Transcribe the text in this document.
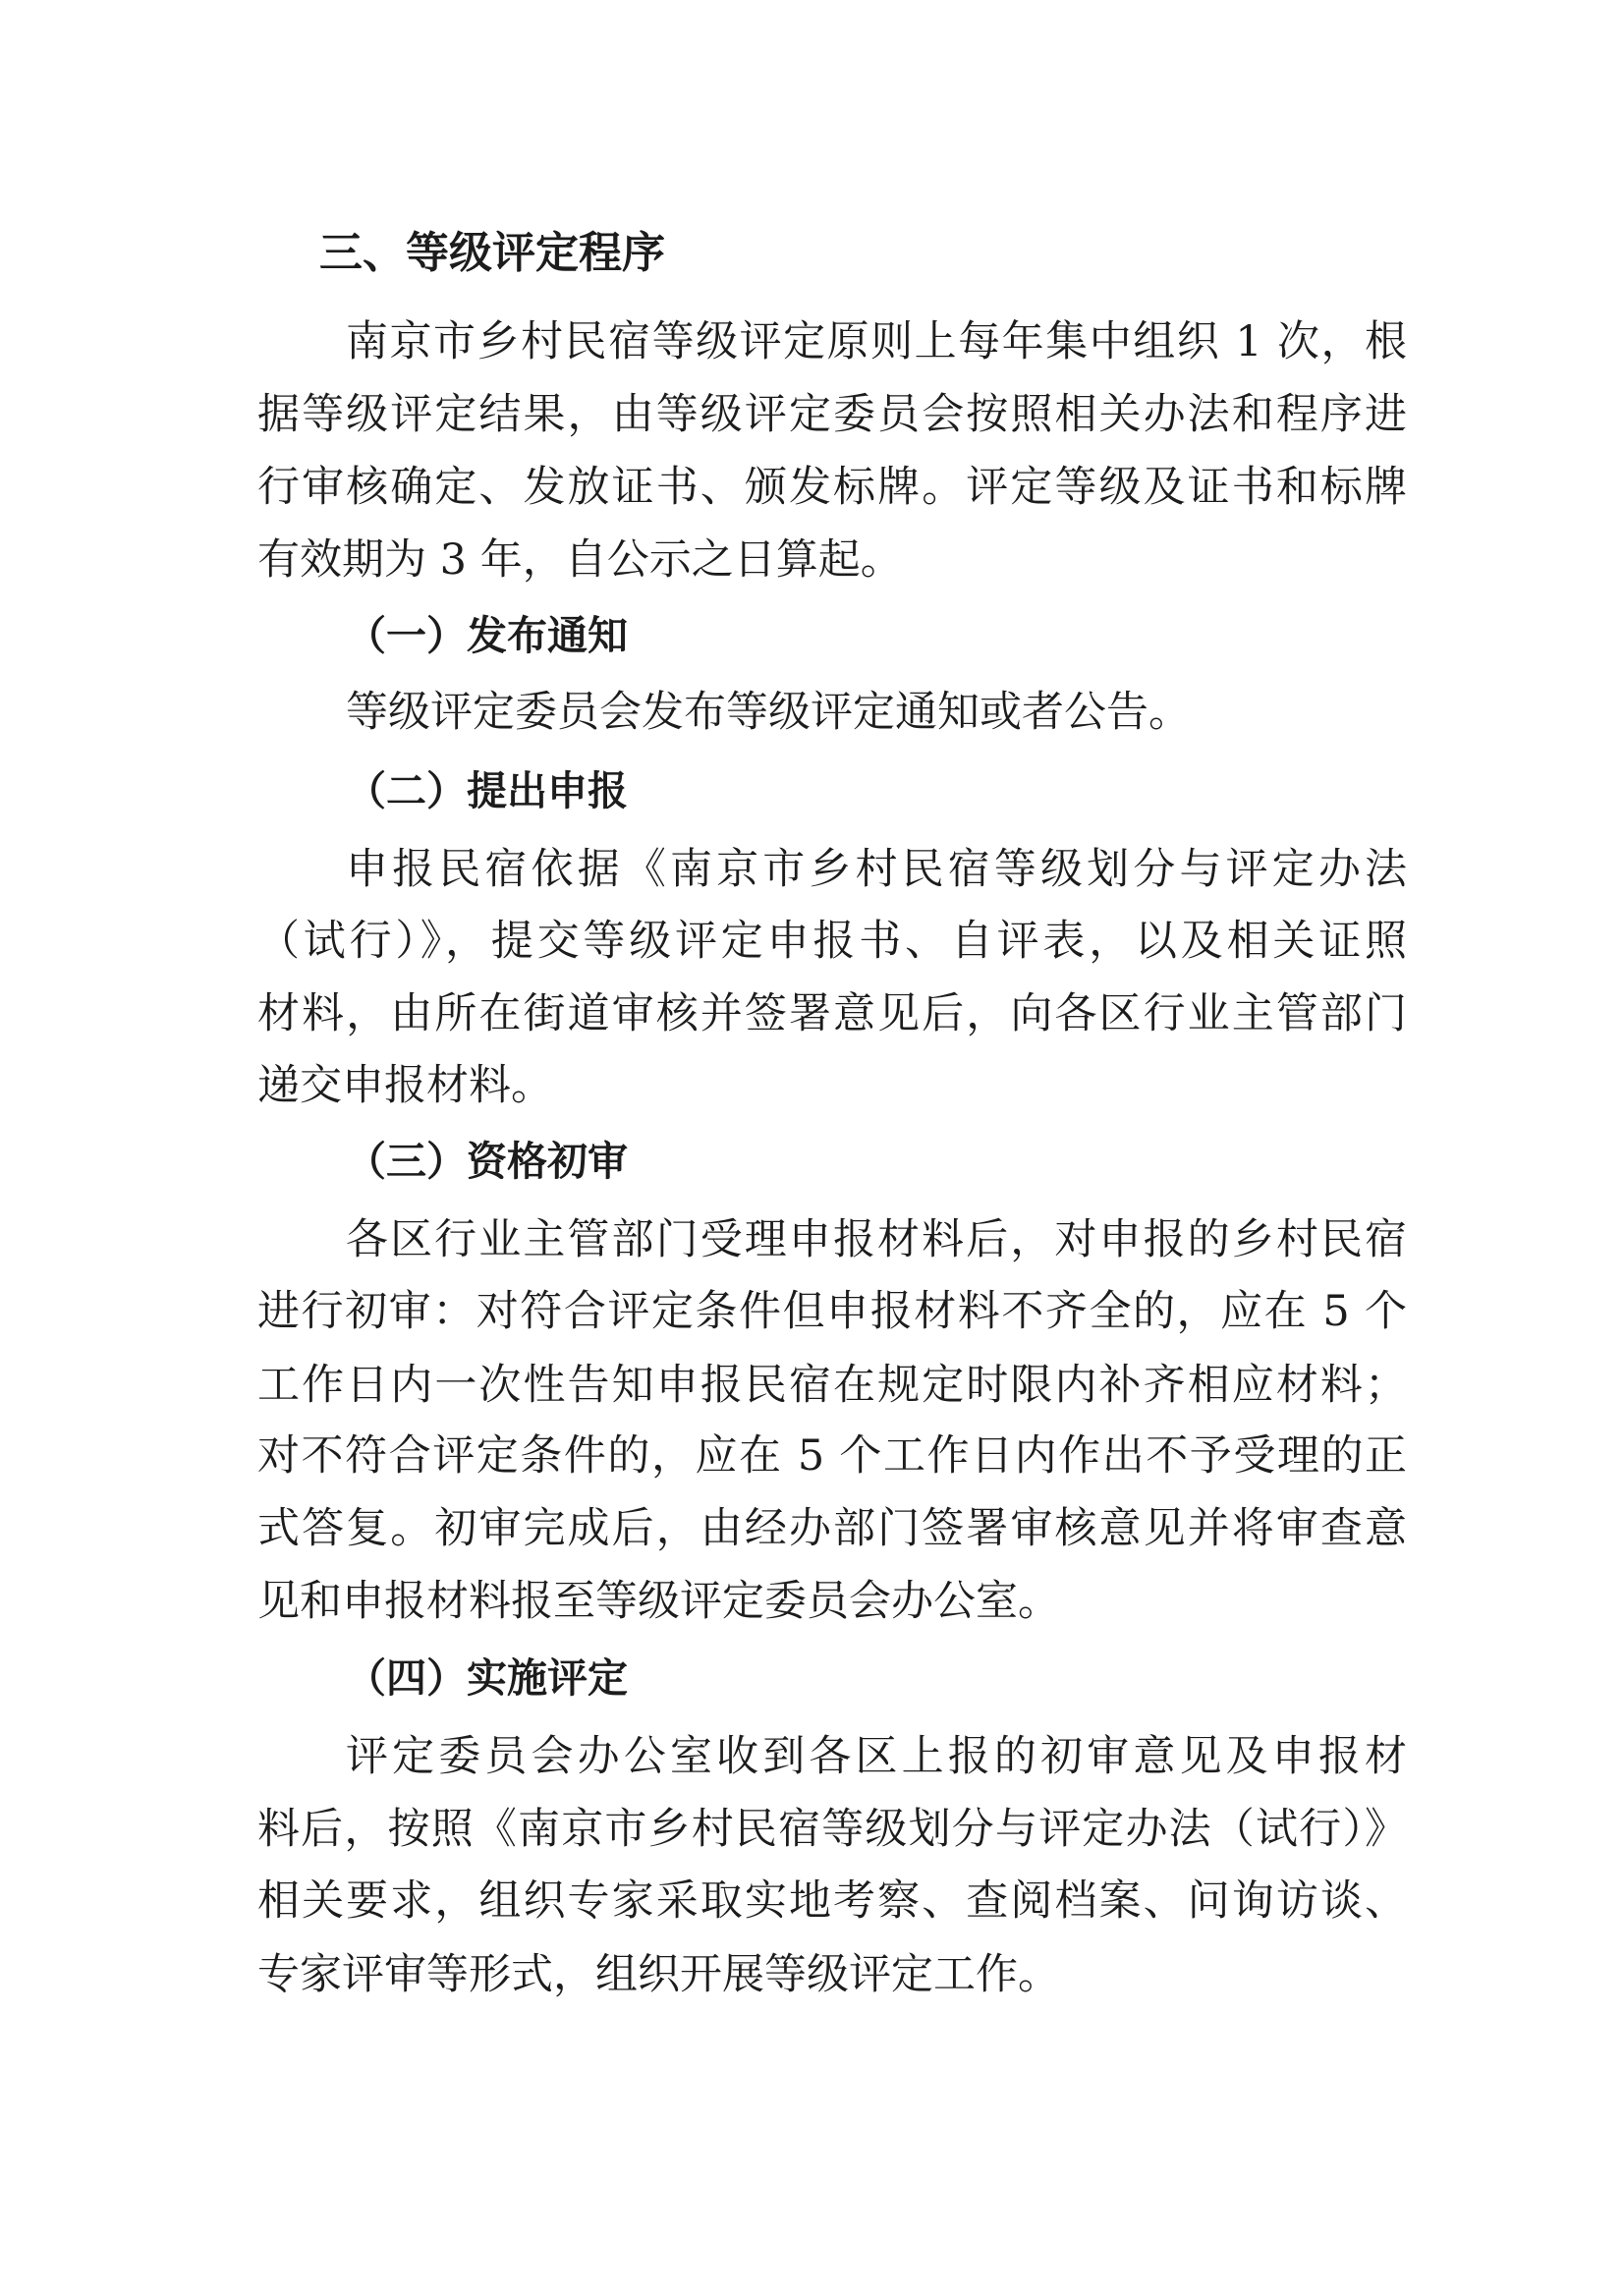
三、等级评定程序

南京市乡村民宿等级评定原则上每年集中组织 1 次，根

据等级评定结果，由等级评定委员会按照相关办法和程序进

行审核确定、发放证书、颁发标牌。评定等级及证书和标牌

有效期为 3 年，自公示之日算起。

（一）发布通知

等级评定委员会发布等级评定通知或者公告。

（二）提出申报

申报民宿依据《南京市乡村民宿等级划分与评定办法

（试行）》，提交等级评定申报书、自评表，以及相关证照

材料，由所在街道审核并签署意见后，向各区行业主管部门

递交申报材料。

（三）资格初审

各区行业主管部门受理申报材料后，对申报的乡村民宿

进行初审：对符合评定条件但申报材料不齐全的，应在 5 个

工作日内一次性告知申报民宿在规定时限内补齐相应材料；

对不符合评定条件的，应在 5 个工作日内作出不予受理的正

式答复。初审完成后，由经办部门签署审核意见并将审查意

见和申报材料报至等级评定委员会办公室。

（四）实施评定

评定委员会办公室收到各区上报的初审意见及申报材

料后，按照《南京市乡村民宿等级划分与评定办法（试行）》

相关要求，组织专家采取实地考察、查阅档案、问询访谈、

专家评审等形式，组织开展等级评定工作。
